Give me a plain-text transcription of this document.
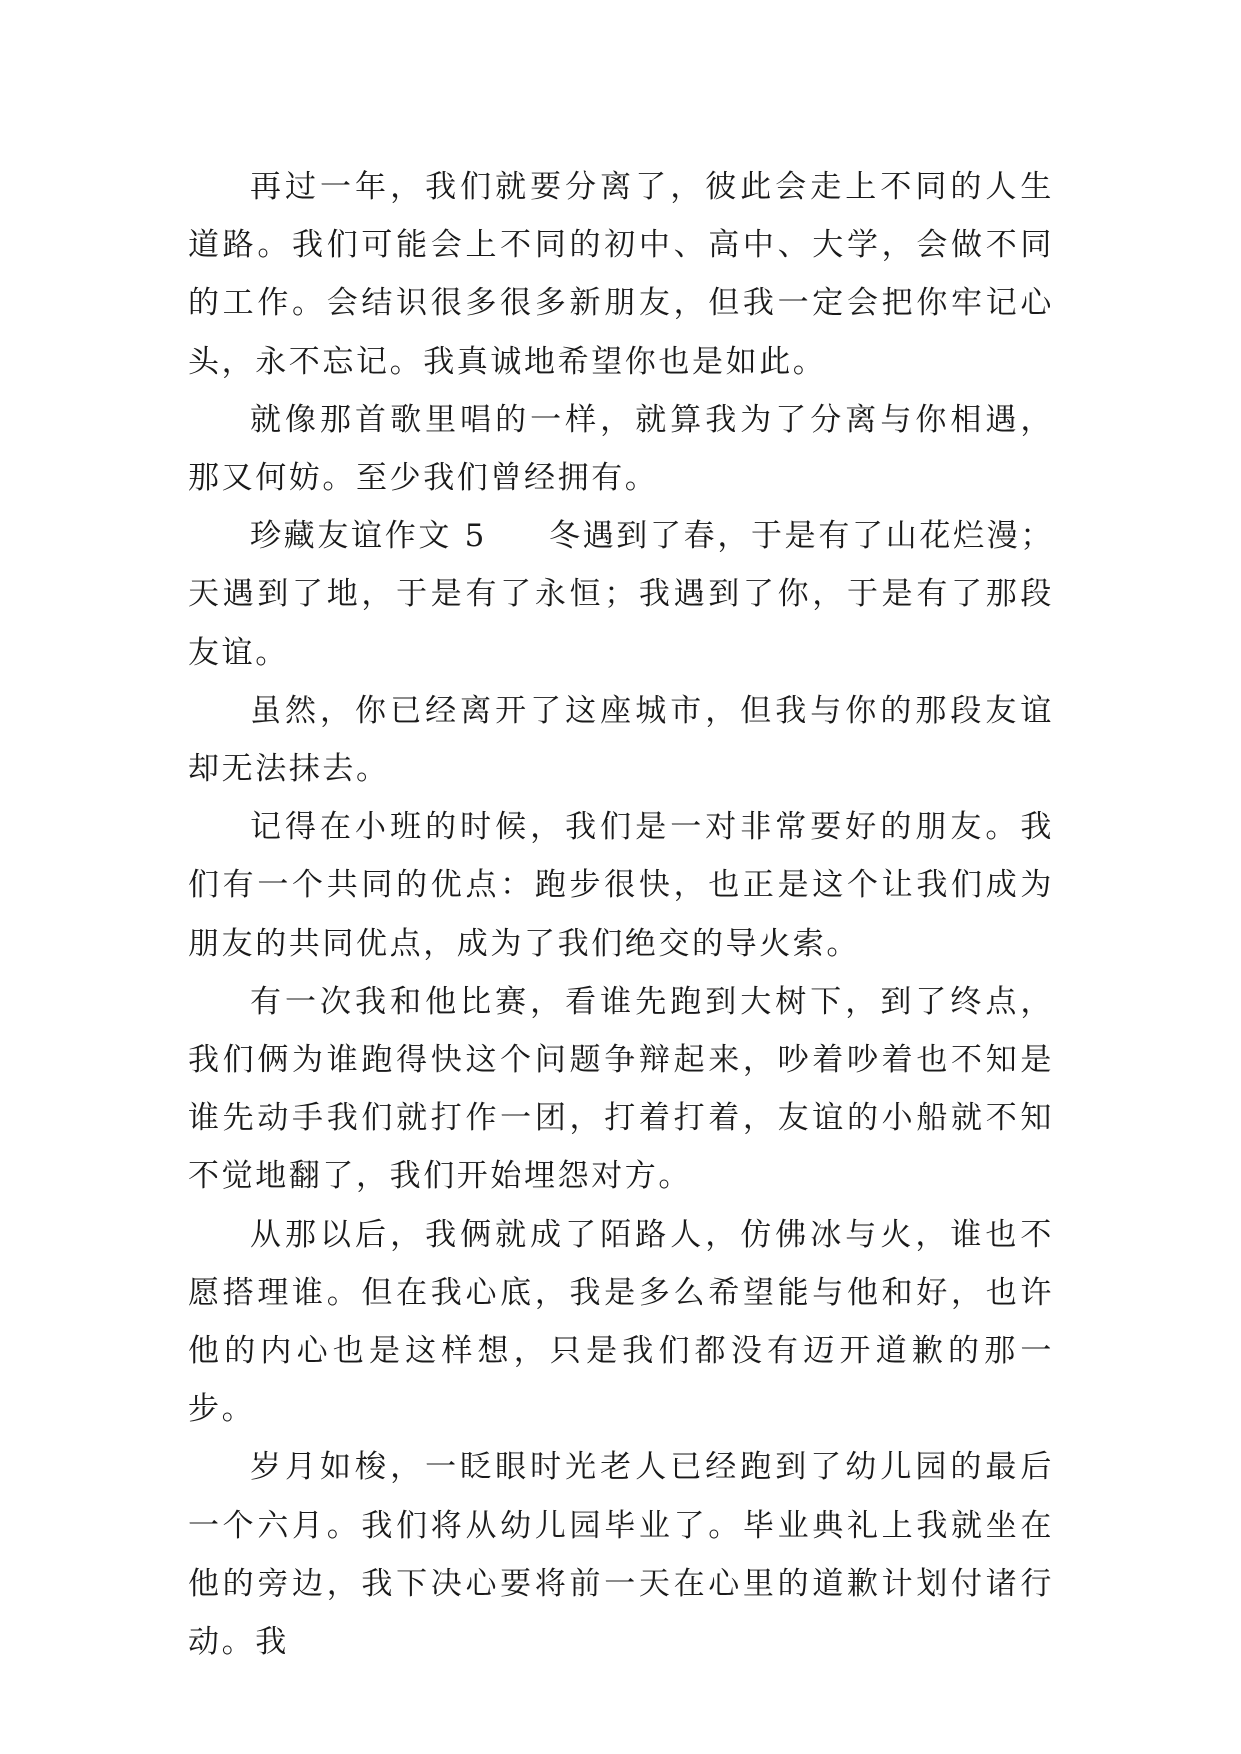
再过一年，我们就要分离了，彼此会走上不同的人生道路。我们可能会上不同的初中、高中、大学，会做不同的工作。会结识很多很多新朋友，但我一定会把你牢记心头，永不忘记。我真诚地希望你也是如此。

就像那首歌里唱的一样，就算我为了分离与你相遇，那又何妨。至少我们曾经拥有。

珍藏友谊作文 5 冬遇到了春，于是有了山花烂漫；天遇到了地，于是有了永恒；我遇到了你，于是有了那段友谊。

虽然，你已经离开了这座城市，但我与你的那段友谊却无法抹去。

记得在小班的时候，我们是一对非常要好的朋友。我们有一个共同的优点：跑步很快，也正是这个让我们成为朋友的共同优点，成为了我们绝交的导火索。

有一次我和他比赛，看谁先跑到大树下，到了终点，我们俩为谁跑得快这个问题争辩起来，吵着吵着也不知是谁先动手我们就打作一团，打着打着，友谊的小船就不知不觉地翻了，我们开始埋怨对方。

从那以后，我俩就成了陌路人，仿佛冰与火，谁也不愿搭理谁。但在我心底，我是多么希望能与他和好，也许他的内心也是这样想，只是我们都没有迈开道歉的那一步。

岁月如梭，一眨眼时光老人已经跑到了幼儿园的最后一个六月。我们将从幼儿园毕业了。毕业典礼上我就坐在他的旁边，我下决心要将前一天在心里的道歉计划付诸行动。我
